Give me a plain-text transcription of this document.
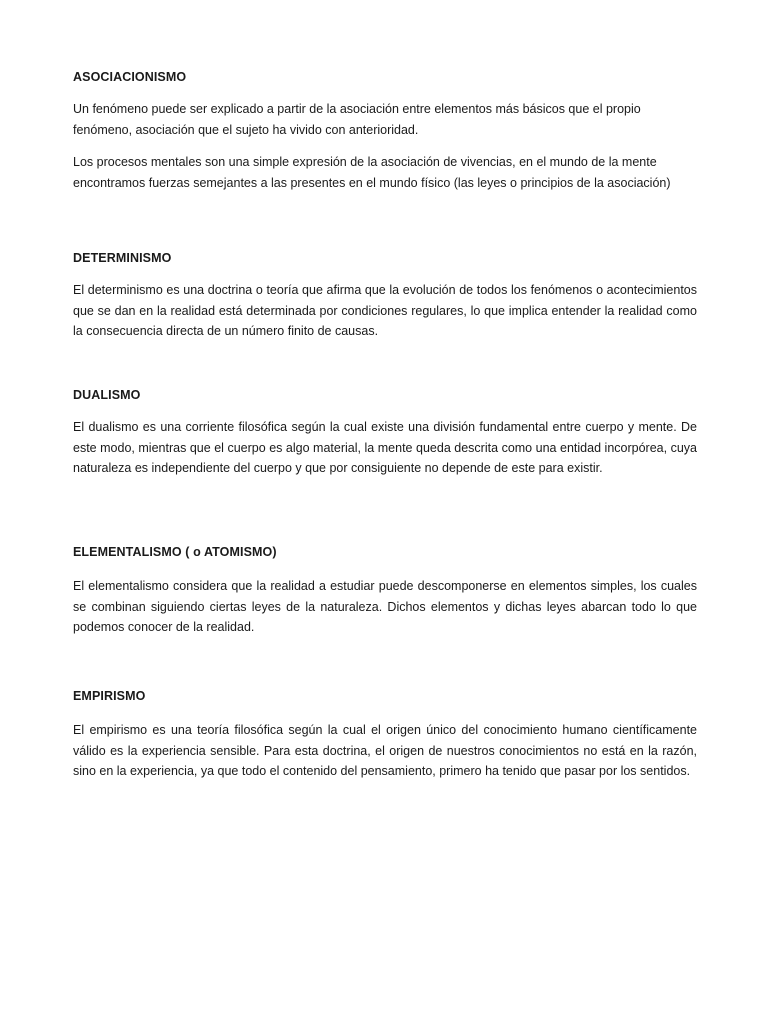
ASOCIACIONISMO

Un fenómeno puede ser explicado a partir de la asociación entre elementos más básicos que el propio fenómeno, asociación que el sujeto ha vivido con anterioridad.

Los procesos mentales son una simple expresión de la asociación de vivencias, en el mundo de la mente encontramos fuerzas semejantes a las presentes en el mundo físico (las leyes o principios de la asociación)

DETERMINISMO

El determinismo es una doctrina o teoría que afirma que la evolución de todos los fenómenos o acontecimientos que se dan en la realidad está determinada por condiciones regulares, lo que implica entender la realidad como la consecuencia directa de un número finito de causas.

DUALISMO

El dualismo es una corriente filosófica según la cual existe una división fundamental entre cuerpo y mente. De este modo, mientras que el cuerpo es algo material, la mente queda descrita como una entidad incorpórea, cuya naturaleza es independiente del cuerpo y que por consiguiente no depende de este para existir.

ELEMENTALISMO ( o ATOMISMO)

El elementalismo considera que la realidad a estudiar puede descomponerse en elementos simples, los cuales se combinan siguiendo ciertas leyes de la naturaleza. Dichos elementos y dichas leyes abarcan todo lo que podemos conocer de la realidad.

EMPIRISMO

El empirismo es una teoría filosófica según la cual el origen único del conocimiento humano científicamente válido es la experiencia sensible. Para esta doctrina, el origen de nuestros conocimientos no está en la razón, sino en la experiencia, ya que todo el contenido del pensamiento, primero ha tenido que pasar por los sentidos.
